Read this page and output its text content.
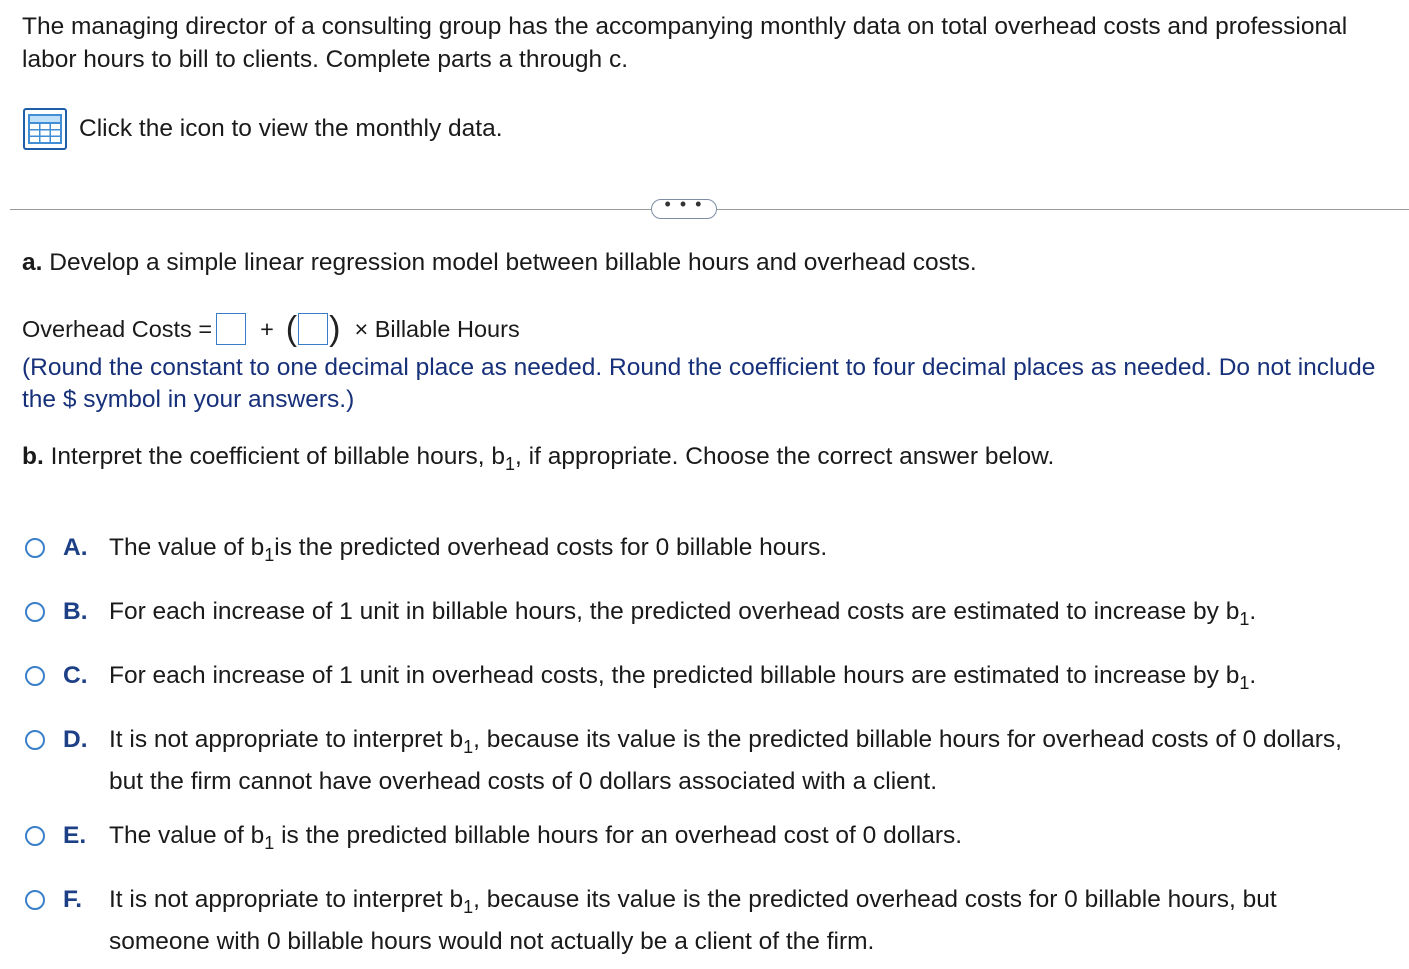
The managing director of a consulting group has the accompanying monthly data on total overhead costs and professional labor hours to bill to clients. Complete parts a through c.
Click the icon to view the monthly data.
• • •
a. Develop a simple linear regression model between billable hours and overhead costs.
Overhead Costs = + ( ) × Billable Hours
(Round the constant to one decimal place as needed. Round the coefficient to four decimal places as needed. Do not include the $ symbol in your answers.)
b. Interpret the coefficient of billable hours, $b_1$, if appropriate. Choose the correct answer below.
A. The value of $b_1is$ the predicted overhead costs for 0 billable hours.
B. For each increase of 1 unit in billable hours, the predicted overhead costs are estimated to increase by $b_1$.
C. For each increase of 1 unit in overhead costs, the predicted billable hours are estimated to increase by $b_1$.
D. It is not appropriate to interpret $b_1$, because its value is the predicted billable hours for overhead costs of 0 dollars, but the firm cannot have overhead costs of 0 dollars associated with a client.
E. The value of $b_1$ is the predicted billable hours for an overhead cost of 0 dollars.
F.	It is not appropriate to interpret $b_1$, because its value is the predicted overhead costs for 0 billable hours, but someone with 0 billable hours would not actually be a client of the firm.
